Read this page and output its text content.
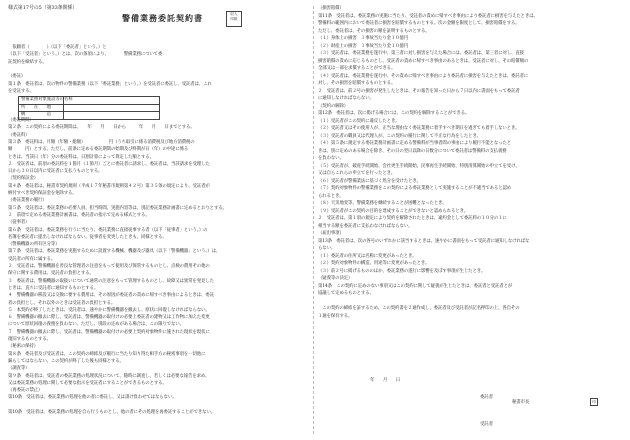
様式第17号の5（第33条関係）
警備業務委託契約書	収入
印紙
　依頼者（　　　　）（以下「委託者」という。）と
（以下「受託者」という。）とは、次の条項により、　　　　警備業務について委
託契約を締結する。
（委託）
第１条　委託者は、次の物件の警備業務（以下「委託業務」という。）を受託者に委託し、受託者は、これ
を受託する。
（委託期間）
第２条　この契約による委託期間は、　　年　　月　　日から　　　年　　月　　日までとする。
（委託料）
第３条　委託料は、月額（年額・総額）　　　　　　円（うち取引に係る消費税及び地方消費税の
額　　　円）とする。ただし、前条に定める委託期間の始期及び終期が日（年）の中途に係る
ときは、当該日（年）分の委託料は、日割計算によって算定した額とする。
２　受託者は、前項の委託料を１箇月（１箇月）ごとに委託者に請求し、委託者は、当該請求を受理した
日から３０日以内に受託者に支払うものとする。
（契約保証金）
第４条　委託者は、秘書市契約規則（平成１７年秘書市規則第４２号）第３５条の規定により、受託者が
納付すべき契約保証金を免除する。
（委託業務の履行）
第５条　受託者は、委託業務の必要人員、担当時間、実施内容等は、別記委託業務計画書に定めるとおりとする。
２　前項で定める委託業務計画書は、委託者の指示で定める様式とする。
（従事者）
第６条　受託者は、委託業務を行うに当たり、委託業務に直接従事する者（以下「従事者」という。）の
名簿を委託者に提出しなければならない。従事者を変更したときも、同様とする。
（警備機器の所有区分等）
第７条　受託者は、委託業務を実施するために設置する機械、機器及び器具（以下「警備機器」という。）は、
受託者の所有に属する。
２　受託者は、警備機器を善良な管理者の注意をもって使用及び保管するものとし、点検の費用その他の
保守に関する費用は、受託者の負担とする。
３　委託者は、警備機器の取扱いについて通常の注意をもって管理するものとし、故障又は異常を発見した
ときは、直ちに受託者に通知するものとする。
４　警備機器の移設又は交換に要する費用は、その原因が委託者の責めに帰すべき事由によるときは、委託
者の負担とし、それ以外のときは受託者の負担とする。
５　本契約が終了したときは、受託者は、速やかに警備機器を撤去し、原状に回復しなければならない。
６　警備機器の撤去に際し、受託者は、警備機器の取付けの必要上委託者の建物又は工作物に加えた変更
について原状回復の義務を負わない。ただし、別段の定めがある場合は、この限りでない。
７　警備機器の撤去に際し、受託者は、警備機器の取付けの必要上契約対象物件に施された現状を現状に
復旧するものとする。
（秘密の保持）
第８条　委託者及び受託者は、この契約の締結及び履行に当たり知り得た相手方の秘密事項を一切他に
漏らしてはならない。この契約が終了した後も同様とする。
（調査等）
第９条　委託者は、受託者の委託業務の処理状況について、随時に調査し、若しくは必要な報告を求め、
又は委託業務の処理に関して必要な指示を受託者にすることができるものとする。
（再委託の禁止）
第10条　受託者は、委託業務の処理を他の者に委託し、又は請け負わせてはならない。
第10条　受託者は、委託業務の処理を自ら行うものとし、他の者にその処理を再委託することができない。
警備業務対象施設等の名称
所　　在　　地
構　　　　　造
（損害賠償）
第11条　受託者は、委託業務の実施に当たり、受託者の責めに帰すべき事由により委託者に損害を与えたときは、
警備料の範囲内において委託者に損害を賠償するものとする。次の金額を限度として、損害賠償をする。
ただし、委託者は、その損害の額を証明するものとする。
（１）身体上の損害　１事故当たり金１０億円
（２）財産上の損害　１事故当たり金１０億円
（３）受託者は、委託業務を遂行中、第三者に対し損害を与えた場合には、委託者は、第三者に対し、直接
損害賠償の責めに応じるものとし、受託者の責めに帰すべき事由のあるときは、受託者に対し、その賠償額の
全部又は一部を求償することができる。
（４）受託者は、委託業務を遂行中、その責めに帰すべき事由により委託者に損害を与えたときは、委託者に
対し、その損害を賠償するものとする。
２　受託者は、前２号の損害が発生したときは、その報告を知った日から７日以内に書面をもって委託者
に通知しなければならない。
（契約の解除）
第12条　委託者は、次に掲げる場合には、この契約を解除することができる。
（１）受託者がこの契約に違反したとき。
（２）受託者又はその使用人が、正当な理由なく委託業務に着手すべき期日を過ぎても着手しないとき。
（３）受託者の職員又は代理人が、この契約の履行に関して不正な行為をしたとき。
（４）第５条に規定する委託業務計画書に定める警備料が当事者間の事由により履行不能となったと
きは、別に定めのある場合を除き、その日の翌日以降の日数分について委託者は警備料の支払義務
を負わない。
（５）受託者が、破産手続開始、会社更生手続開始、民事再生手続開始、特別清算開始の申立てを受け、
又は自らこれらの申立てを行ったとき。
（６）受託者が警備業法に基づく処分を受けたとき。
（７）契約対象物件の警備業務をこの契約による委託業務として実施することが不適当であると認め
られるとき。
（８）天災地変等、警備業務を継続することが困難となったとき。
（９）受託者がこの契約の目的を達成することができないと認められるとき。
２　受託者は、第１項の規定により契約を解除されたときは、違約金として委託料の１０分の１に
相当する額を委託者に支払わなければならない。
（届出事項）
第13条　委託者は、次の各号のいずれかに該当するときは、速やかに書面をもって受託者に通知しなければな
らない。
（１）委託者の住所又は名称に変更があったとき。
（２）契約対象物件の構造、用途等に変更があったとき。
（３）前２号に掲げるもののほか、委託業務の遂行に影響を及ぼす事項が生じたとき。
（疑義等の決定）
第14条　この契約に定めのない事項又はこの契約に関して疑義が生じたときは、委託者と受託者とが
協議して定めるものとする。
　この契約の締結を証するため、この契約書を２通作成し、委託者及び受託者が記名押印の上、各自その
１通を保有する。
年　　月　　日
委託者
秘書市長	印
受託者
